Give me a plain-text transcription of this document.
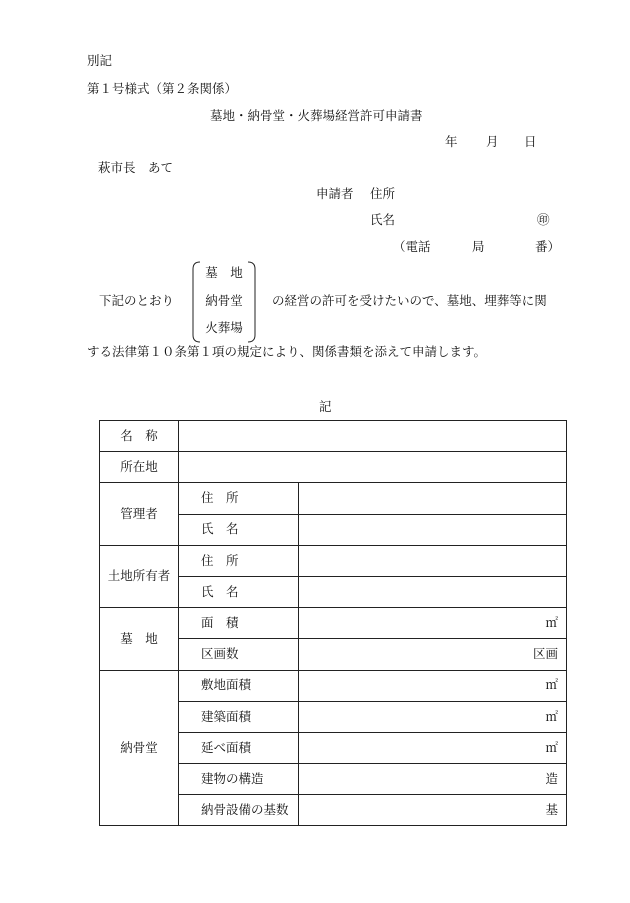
別記
第１号様式（第２条関係）
墓地・納骨堂・火葬場経営許可申請書
年 月 日
萩市長　あて
申請者 住所
氏名	㊞
（電話	局	番）
下記のとおり
墓　地
納骨堂
火葬場
の経営の許可を受けたいので、墓地、埋葬等に関
する法律第１０条第１項の規定により、関係書類を添えて申請します。
記
名　称		
所在地		
管理者	住　所	
	氏　名	
土地所有者	住　所	
	氏　名	
墓　地	面　積	㎡
	区画数	区画
納骨堂	敷地面積	㎡
	建築面積	㎡
	延べ面積	㎡
	建物の構造	造
	納骨設備の基数	基
